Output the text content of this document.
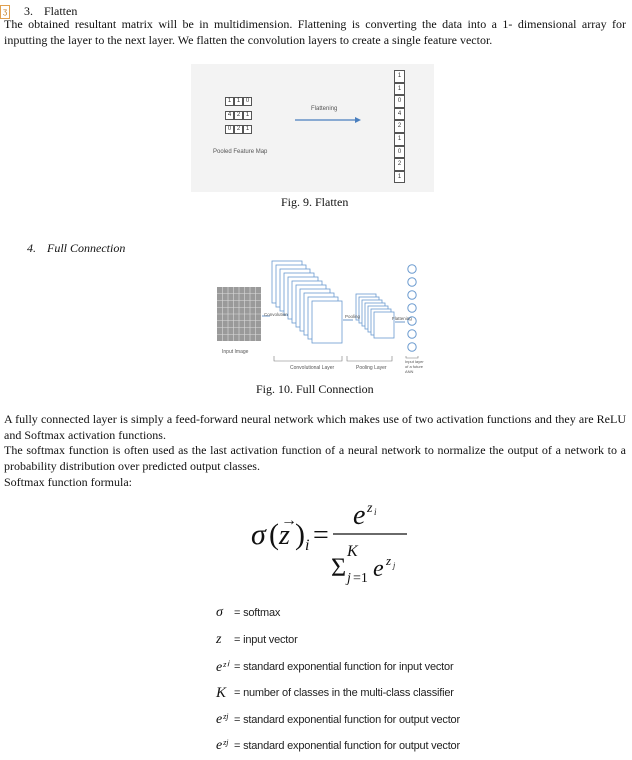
ʒ 3. Flatten
The obtained resultant matrix will be in multidimension. Flattening is converting the data into a 1- dimensional array for inputting the layer to the next layer. We flatten the convolution layers to create a single feature vector.
1 1 0
4 2 1
0 2 1
Pooled Feature Map
Flattening
1
1
0
4
2
1
0
2
1
Fig. 9. Flatten
4. Full Connection
Input Image
Convolution	Pooling	Flattening
Convolutional Layer	Pooling Layer
Input layer of a future ANN
Fig. 10. Full Connection
A fully connected layer is simply a feed-forward neural network which makes use of two activation functions and they are ReLU and Softmax activation functions.
The softmax function is often used as the last activation function of a neural network to normalize the output of a network to a probability distribution over predicted output classes.
Softmax function formula:
σ ( z
→
) i =
e z i
Σ
K
j =1 e z j
σ	= softmax
z⃗ = input vector
eᶻⁱ = standard exponential function for input vector
K = number of classes in the multi-class classifier
eᶻʲ = standard exponential function for output vector
eᶻʲ = standard exponential function for output vector
